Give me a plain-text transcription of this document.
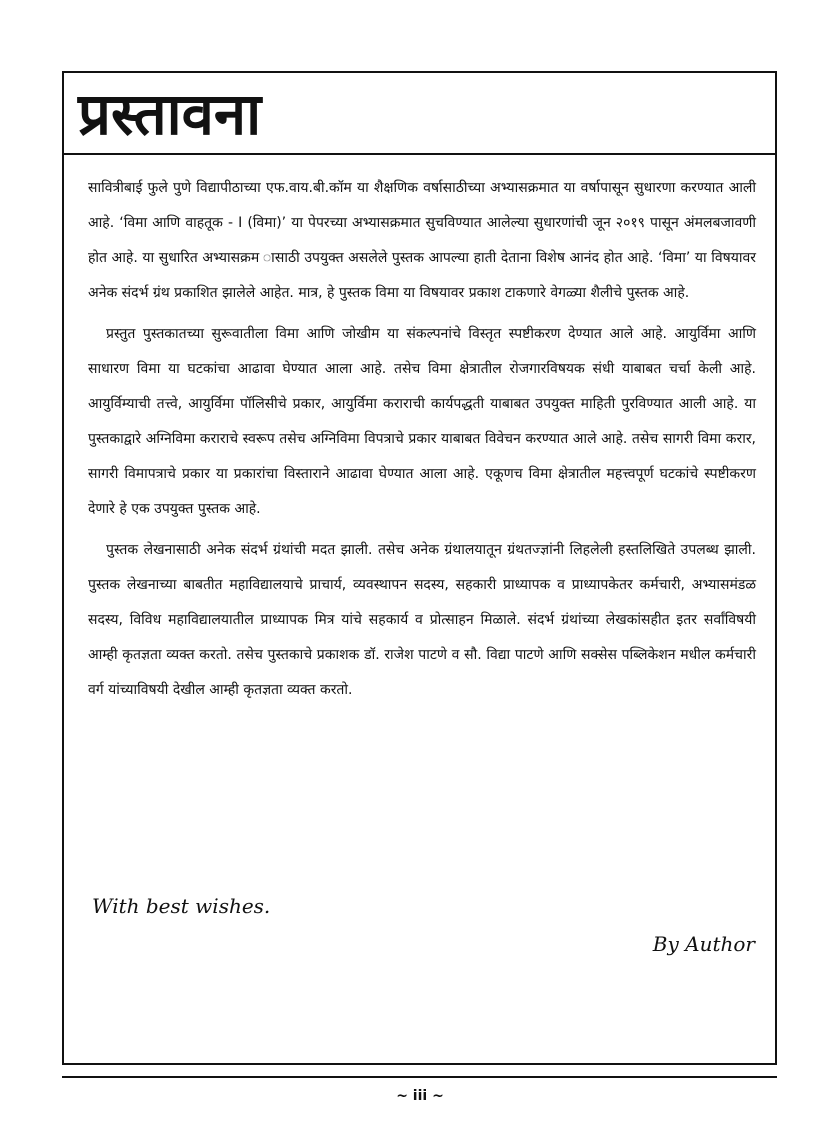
प्रस्तावना

सावित्रीबाई फुले पुणे विद्यापीठाच्या एफ.वाय.बी.कॉम या शैक्षणिक वर्षासाठीच्या अभ्यासक्रमात या वर्षापासून सुधारणा करण्यात आली आहे. ‘विमा आणि वाहतूक - I (विमा)’ या पेपरच्या अभ्यासक्रमात सुचविण्यात आलेल्या सुधारणांची जून २०१९ पासून अंमलबजावणी होत आहे. या सुधारित अभ्यासक्रम ासाठी उपयुक्त असलेले पुस्तक आपल्या हाती देताना विशेष आनंद होत आहे. ‘विमा’ या विषयावर अनेक संदर्भ ग्रंथ प्रकाशित झालेले आहेत. मात्र, हे पुस्तक विमा या विषयावर प्रकाश टाकणारे वेगळ्या शैलीचे पुस्तक आहे.

प्रस्तुत पुस्तकातच्या सुरूवातीला विमा आणि जोखीम या संकल्पनांचे विस्तृत स्पष्टीकरण देण्यात आले आहे. आयुर्विमा आणि साधारण विमा या घटकांचा आढावा घेण्यात आला आहे. तसेच विमा क्षेत्रातील रोजगारविषयक संधी याबाबत चर्चा केली आहे. आयुर्विम्याची तत्त्वे, आयुर्विमा पॉलिसीचे प्रकार, आयुर्विमा कराराची कार्यपद्धती याबाबत उपयुक्त माहिती पुरविण्यात आली आहे. या पुस्तकाद्वारे अग्निविमा कराराचे स्वरूप तसेच अग्निविमा विपत्राचे प्रकार याबाबत विवेचन करण्यात आले आहे. तसेच सागरी विमा करार, सागरी विमापत्राचे प्रकार या प्रकारांचा विस्ताराने आढावा घेण्यात आला आहे. एकूणच विमा क्षेत्रातील महत्त्वपूर्ण घटकांचे स्पष्टीकरण देणारे हे एक उपयुक्त पुस्तक आहे.

पुस्तक लेखनासाठी अनेक संदर्भ ग्रंथांची मदत झाली. तसेच अनेक ग्रंथालयातून ग्रंथतज्ज्ञांनी लिहलेली हस्तलिखिते उपलब्ध झाली. पुस्तक लेखनाच्या बाबतीत महाविद्यालयाचे प्राचार्य, व्यवस्थापन सदस्य, सहकारी प्राध्यापक व प्राध्यापकेतर कर्मचारी, अभ्यासमंडळ सदस्य, विविध महाविद्यालयातील प्राध्यापक मित्र यांचे सहकार्य व प्रोत्साहन मिळाले. संदर्भ ग्रंथांच्या लेखकांसहीत इतर सर्वांविषयी आम्ही कृतज्ञता व्यक्त करतो. तसेच पुस्तकाचे प्रकाशक डॉ. राजेश पाटणे व सौ. विद्या पाटणे आणि सक्सेस पब्लिकेशन मधील कर्मचारी वर्ग यांच्याविषयी देखील आम्ही कृतज्ञता व्यक्त करतो.

With best wishes.
By Author
~ iii ~
